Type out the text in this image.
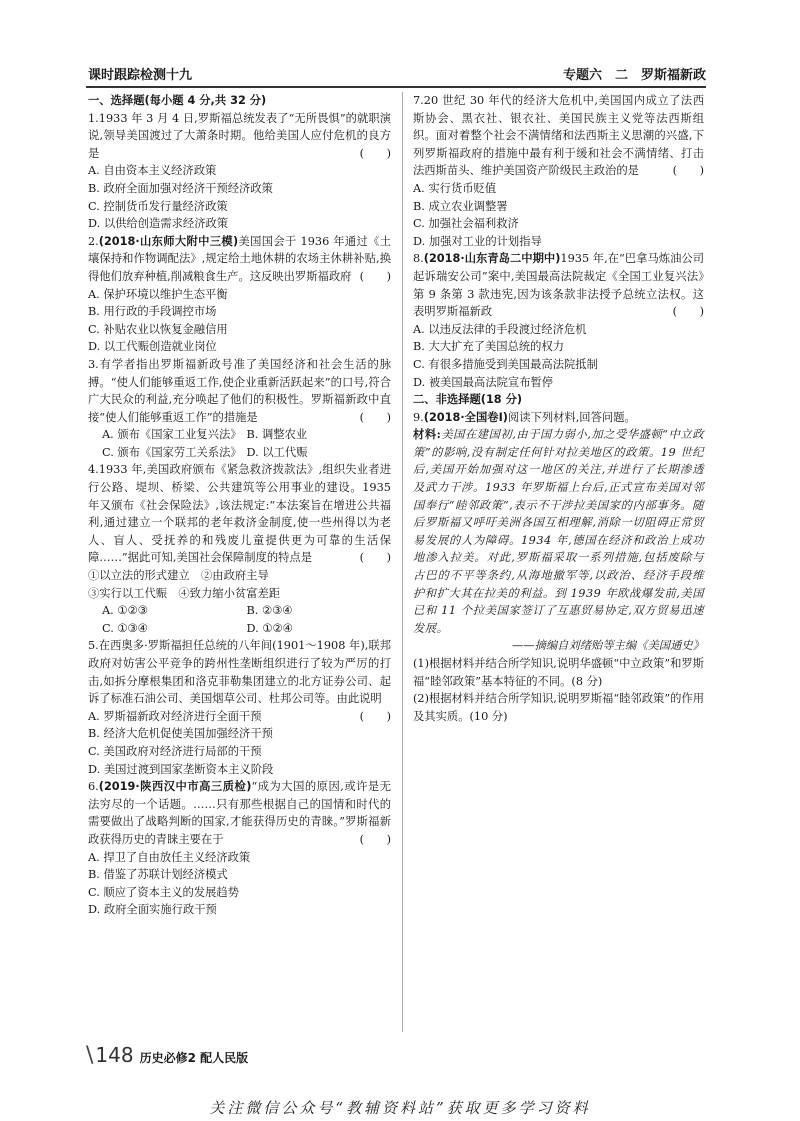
课时跟踪检测十九	专题六　二　罗斯福新政
一、选择题(每小题 4 分,共 32 分)

1.1933 年 3 月 4 日,罗斯福总统发表了“无所畏惧”的就职演说,领导美国渡过了大萧条时期。他给美国人应付危机的良方是	(　　)

A. 自由资本主义经济政策

B. 政府全面加强对经济干预经济政策

C. 控制货币发行量经济政策

D. 以供给创造需求经济政策

2.(2018·山东师大附中三模)美国国会于 1936 年通过《土壤保持和作物调配法》,规定给土地休耕的农场主休耕补贴,换得他们放弃种植,削减粮食生产。这反映出罗斯福政府 (　　)

A. 保护环境以维护生态平衡

B. 用行政的手段调控市场

C. 补贴农业以恢复金融信用

D. 以工代赈创造就业岗位

3.有学者指出罗斯福新政号准了美国经济和社会生活的脉搏。“使人们能够重返工作,使企业重新活跃起来”的口号,符合广大民众的利益,充分唤起了他们的积极性。罗斯福新政中直接“使人们能够重返工作”的措施是	(　　)

A. 颁布《国家工业复兴法》 B. 调整农业
C. 颁布《国家劳工关系法》 D. 以工代赈

4.1933 年,美国政府颁布《紧急救济拨款法》,组织失业者进行公路、堤坝、桥梁、公共建筑等公用事业的建设。1935 年又颁布《社会保险法》,该法规定:“本法案旨在增进公共福利,通过建立一个联邦的老年救济金制度,使一些州得以为老人、盲人、受抚养的和残废儿童提供更为可靠的生活保障……”据此可知,美国社会保障制度的特点是	(　　)

①以立法的形式建立　②由政府主导

③实行以工代赈　④致力缩小贫富差距

A. ①②③	B. ②③④
C. ①③④	D. ①②④

5.在西奥多·罗斯福担任总统的八年间(1901～1908 年),联邦政府对妨害公平竞争的跨州性垄断组织进行了较为严厉的打击,如拆分摩根集团和洛克菲勒集团建立的北方证券公司、起诉了标准石油公司、美国烟草公司、杜邦公司等。由此说明
(　　)

A. 罗斯福新政对经济进行全面干预

B. 经济大危机促使美国加强经济干预

C. 美国政府对经济进行局部的干预

D. 美国过渡到国家垄断资本主义阶段

6.(2019·陕西汉中市高三质检)“成为大国的原因,或许是无法穷尽的一个话题。……只有那些根据自己的国情和时代的需要做出了战略判断的国家,才能获得历史的青睐。”罗斯福新政获得历史的青睐主要在于	(　　)

A. 捍卫了自由放任主义经济政策

B. 借鉴了苏联计划经济模式

C. 顺应了资本主义的发展趋势

D. 政府全面实施行政干预

7.20 世纪 30 年代的经济大危机中,美国国内成立了法西斯协会、黑衣社、银衣社、美国民族主义党等法西斯组织。面对着整个社会不满情绪和法西斯主义思潮的兴盛,下列罗斯福政府的措施中最有利于缓和社会不满情绪、打击法西斯苗头、维护美国资产阶级民主政治的是	(　　)

A. 实行货币贬值

B. 成立农业调整署

C. 加强社会福利救济

D. 加强对工业的计划指导

8.(2018·山东青岛二中期中)1935 年,在“巴拿马炼油公司起诉瑞安公司”案中,美国最高法院裁定《全国工业复兴法》第 9 条第 3 款违宪,因为该条款非法授予总统立法权。这表明罗斯福新政	(　　)

A. 以违反法律的手段渡过经济危机

B. 大大扩充了美国总统的权力

C. 有很多措施受到美国最高法院抵制

D. 被美国最高法院宣布暂停

二、非选择题(18 分)

9.(2018·全国卷Ⅰ)阅读下列材料,回答问题。

材料:美国在建国初,由于国力弱小,加之受华盛顿“中立政策”的影响,没有制定任何针对拉美地区的政策。19 世纪后,美国开始加强对这一地区的关注,并进行了长期渗透及武力干涉。1933 年罗斯福上台后,正式宣布美国对邻国奉行“睦邻政策”,表示不干涉拉美国家的内部事务。随后罗斯福又呼吁美洲各国互相理解,消除一切阻碍正常贸易发展的人为障碍。1934 年,德国在经济和政治上成功地渗入拉美。对此,罗斯福采取一系列措施,包括废除与古巴的不平等条约,从海地撤军等,以政治、经济手段维护和扩大其在拉美的利益。到 1939 年欧战爆发前,美国已和 11 个拉美国家签订了互惠贸易协定,双方贸易迅速发展。

——摘编自刘绪贻等主编《美国通史》

(1)根据材料并结合所学知识,说明华盛顿“中立政策”和罗斯福“睦邻政策”基本特征的不同。(8 分)

(2)根据材料并结合所学知识,说明罗斯福“睦邻政策”的作用及其实质。(10 分)

\ 148 历史必修2 配人民版
关注微信公众号“教辅资料站”获取更多学习资料
